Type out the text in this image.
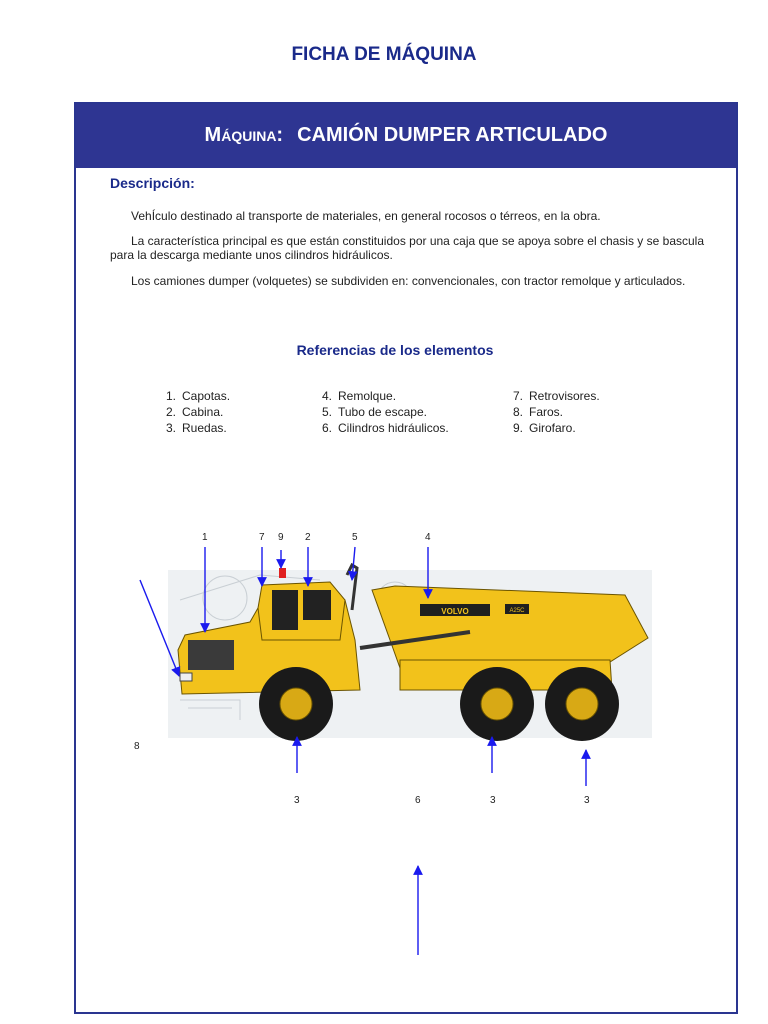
FICHA DE MÁQUINA
Máquina: CAMIÓN DUMPER ARTICULADO
Descripción:
VehÍculo destinado al transporte de materiales, en general rocosos o térreos, en la obra.
La característica principal es que están constituidos por una caja que se apoya sobre el chasis y se bascula para la descarga mediante unos cilindros hidráulicos.
Los camiones dumper (volquetes) se subdividen en: convencionales, con tractor remolque y articulados.
Referencias de los elementos
1. Capotas.
2. Cabina.
3. Ruedas.
4. Remolque.
5. Tubo de escape.
6. Cilindros hidráulicos.
7. Retrovisores.
8. Faros.
9. Girofaro.
VOLVO	A25C
1	7 9 2	5	4
8
3	6	3	3
